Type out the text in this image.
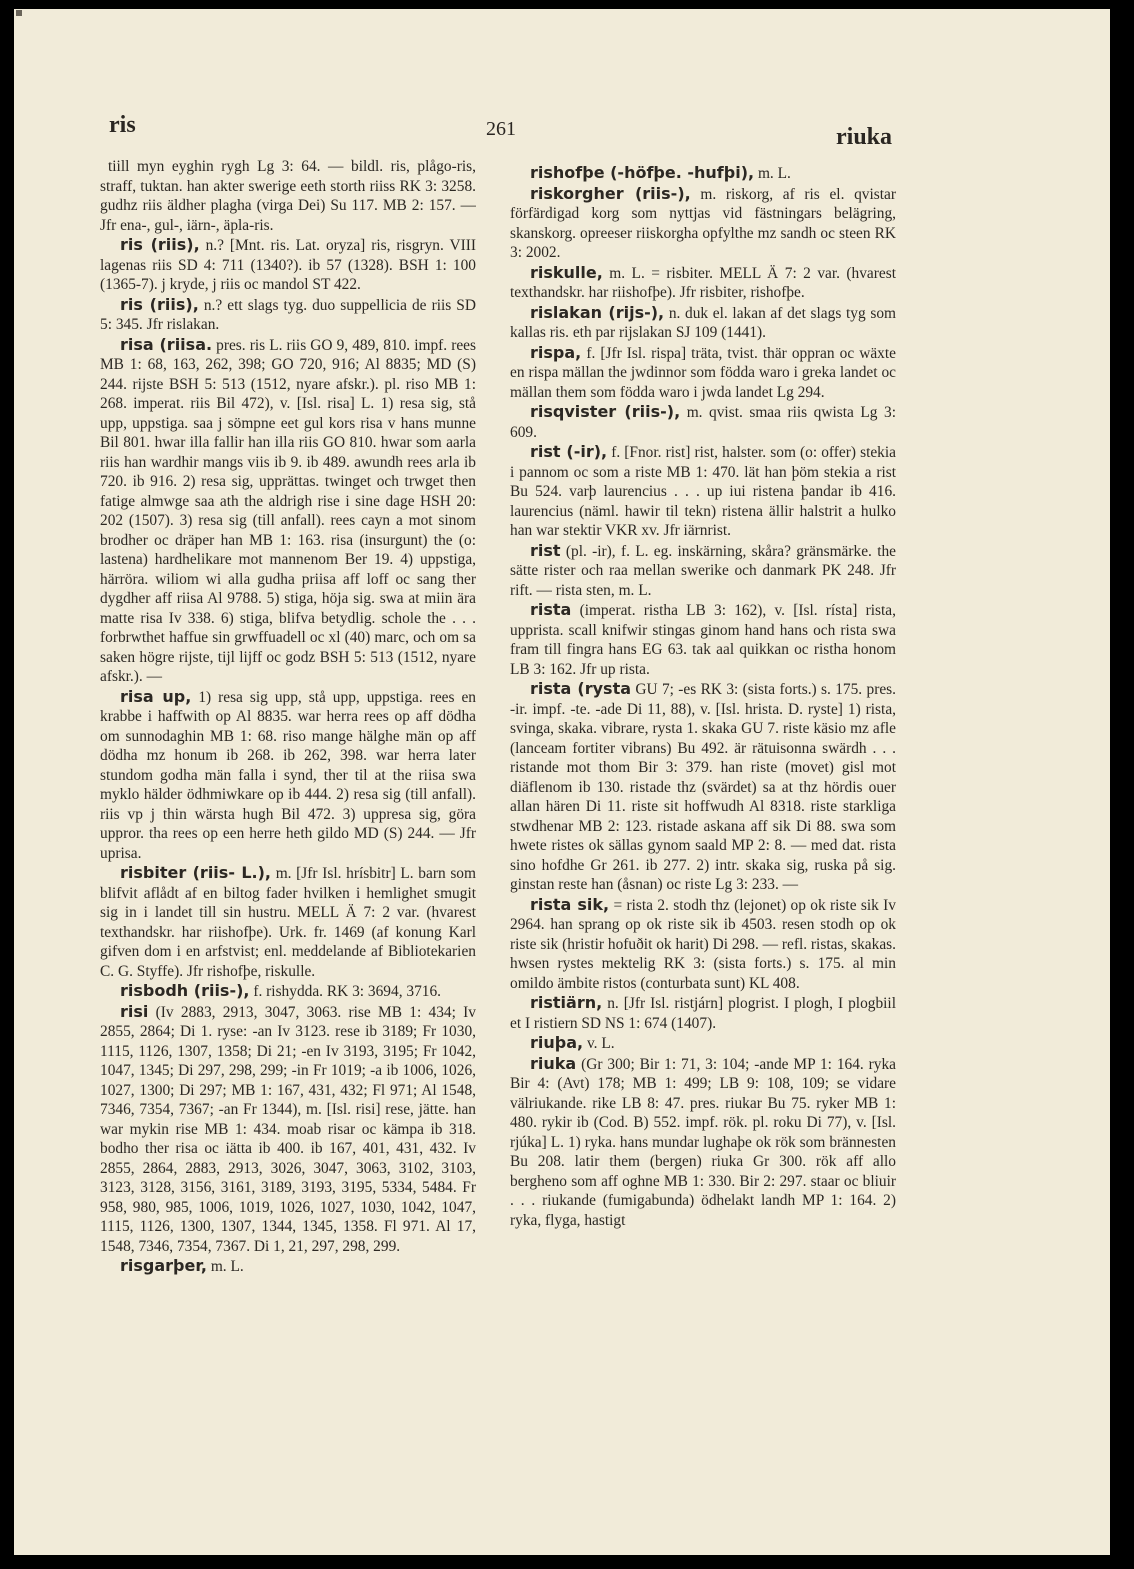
ris	261	riuka
tiill myn eyghin rygh Lg 3: 64. — bildl. ris, plågo-ris, straff, tuktan. han akter swerige eeth storth riiss RK 3: 3258. gudhz riis äldher plagha (virga Dei) Su 117. MB 2: 157. — Jfr ena-, gul-, iärn-, äpla-ris.
ris (riis), n.? [Mnt. ris. Lat. oryza] ris, risgryn. VIII lagenas riis SD 4: 711 (1340?). ib 57 (1328). BSH 1: 100 (1365-7). j kryde, j riis oc mandol ST 422.
ris (riis), n.? ett slags tyg. duo suppellicia de riis SD 5: 345. Jfr rislakan.
risa (riisa. pres. ris L. riis GO 9, 489, 810. impf. rees MB 1: 68, 163, 262, 398; GO 720, 916; Al 8835; MD (S) 244. rijste BSH 5: 513 (1512, nyare afskr.). pl. riso MB 1: 268. imperat. riis Bil 472), v. [Isl. risa] L. 1) resa sig, stå upp, uppstiga. saa j sömpne eet gul kors risa v hans munne Bil 801. hwar illa fallir han illa riis GO 810. hwar som aarla riis han wardhir mangs viis ib 9. ib 489. awundh rees arla ib 720. ib 916. 2) resa sig, upprättas. twinget och trwget then fatige almwge saa ath the aldrigh rise i sine dage HSH 20: 202 (1507). 3) resa sig (till anfall). rees cayn a mot sinom brodher oc dräper han MB 1: 163. risa (insurgunt) the (o: lastena) hardhelikare mot mannenom Ber 19. 4) uppstiga, härröra. wiliom wi alla gudha priisa aff loff oc sang ther dygdher aff riisa Al 9788. 5) stiga, höja sig. swa at miin ära matte risa Iv 338. 6) stiga, blifva betydlig. schole the . . . forbrwthet haffue sin grwffuadell oc xl (40) marc, och om sa saken högre rijste, tijl lijff oc godz BSH 5: 513 (1512, nyare afskr.). —
risa up, 1) resa sig upp, stå upp, uppstiga. rees en krabbe i haffwith op Al 8835. war herra rees op aff dödha om sunnodaghin MB 1: 68. riso mange hälghe män op aff dödha mz honum ib 268. ib 262, 398. war herra later stundom godha män falla i synd, ther til at the riisa swa myklo hälder ödhmiwkare op ib 444. 2) resa sig (till anfall). riis vp j thin wärsta hugh Bil 472. 3) uppresa sig, göra uppror. tha rees op een herre heth gildo MD (S) 244. — Jfr uprisa.
risbiter (riis- L.), m. [Jfr Isl. hrísbitr] L. barn som blifvit aflådt af en biltog fader hvilken i hemlighet smugit sig in i landet till sin hustru. MELL Ä 7: 2 var. (hvarest texthandskr. har riishofþe). Urk. fr. 1469 (af konung Karl gifven dom i en arfstvist; enl. meddelande af Bibliotekarien C. G. Styffe). Jfr rishofþe, riskulle.
risbodh (riis-), f. rishydda. RK 3: 3694, 3716.
risi (Iv 2883, 2913, 3047, 3063. rise MB 1: 434; Iv 2855, 2864; Di 1. ryse: -an Iv 3123. rese ib 3189; Fr 1030, 1115, 1126, 1307, 1358; Di 21; -en Iv 3193, 3195; Fr 1042, 1047, 1345; Di 297, 298, 299; -in Fr 1019; -a ib 1006, 1026, 1027, 1300; Di 297; MB 1: 167, 431, 432; Fl 971; Al 1548, 7346, 7354, 7367; -an Fr 1344), m. [Isl. risi] rese, jätte. han war mykin rise MB 1: 434. moab risar oc kämpa ib 318. bodho ther risa oc iätta ib 400. ib 167, 401, 431, 432. Iv 2855, 2864, 2883, 2913, 3026, 3047, 3063, 3102, 3103, 3123, 3128, 3156, 3161, 3189, 3193, 3195, 5334, 5484. Fr 958, 980, 985, 1006, 1019, 1026, 1027, 1030, 1042, 1047, 1115, 1126, 1300, 1307, 1344, 1345, 1358. Fl 971. Al 17, 1548, 7346, 7354, 7367. Di 1, 21, 297, 298, 299.
risgarþer, m. L.
rishofþe (-höfþe. -hufþi), m. L.
riskorgher (riis-), m. riskorg, af ris el. qvistar förfärdigad korg som nyttjas vid fästningars belägring, skanskorg. opreeser riiskorgha opfylthe mz sandh oc steen RK 3: 2002.
riskulle, m. L. = risbiter. MELL Ä 7: 2 var. (hvarest texthandskr. har riishofþe). Jfr risbiter, rishofþe.
rislakan (rijs-), n. duk el. lakan af det slags tyg som kallas ris. eth par rijslakan SJ 109 (1441).
rispa, f. [Jfr Isl. rispa] träta, tvist. thär oppran oc wäxte en rispa mällan the jwdinnor som födda waro i greka landet oc mällan them som födda waro i jwda landet Lg 294.
risqvister (riis-), m. qvist. smaa riis qwista Lg 3: 609.
rist (-ir), f. [Fnor. rist] rist, halster. som (o: offer) stekia i pannom oc som a riste MB 1: 470. lät han þöm stekia a rist Bu 524. varþ laurencius . . . up iui ristena þandar ib 416. laurencius (näml. hawir til tekn) ristena ällir halstrit a hulko han war stektir VKR xv. Jfr iärnrist.
rist (pl. -ir), f. L. eg. inskärning, skåra? gränsmärke. the sätte rister och raa mellan swerike och danmark PK 248. Jfr rift. — rista sten, m. L.
rista (imperat. ristha LB 3: 162), v. [Isl. rísta] rista, uppristа. scall knifwir stingas ginom hand hans och rista swa fram till fingra hans EG 63. tak aal quikkan oc ristha honom LB 3: 162. Jfr up rista.
rista (rysta GU 7; -es RK 3: (sista forts.) s. 175. pres. -ir. impf. -te. -ade Di 11, 88), v. [Isl. hrista. D. ryste] 1) rista, svinga, skaka. vibrare, rysta 1. skaka GU 7. riste käsio mz afle (lanceam fortiter vibrans) Bu 492. är rätuisonna swärdh . . . ristande mot thom Bir 3: 379. han riste (movet) gisl mot diäflenom ib 130. ristade thz (svärdet) sa at thz hördis ouer allan hären Di 11. riste sit hoffwudh Al 8318. riste starkliga stwdhenar MB 2: 123. ristade askana aff sik Di 88. swa som hwete ristes ok sällas gynom saald MP 2: 8. — med dat. rista sino hofdhe Gr 261. ib 277. 2) intr. skaka sig, ruska på sig. ginstan reste han (åsnan) oc riste Lg 3: 233. —
rista sik, = rista 2. stodh thz (lejonet) op ok riste sik Iv 2964. han sprang op ok riste sik ib 4503. resen stodh op ok riste sik (hristir hofuðit ok harit) Di 298. — refl. ristas, skakas. hwsen rystes mektelig RK 3: (sista forts.) s. 175. al min omildo ämbite ristos (conturbata sunt) KL 408.
ristiärn, n. [Jfr Isl. ristjárn] plogrist. I plogh, I plogbiil et I ristiern SD NS 1: 674 (1407).
riuþa, v. L.
riuka (Gr 300; Bir 1: 71, 3: 104; -ande MP 1: 164. ryka Bir 4: (Avt) 178; MB 1: 499; LB 9: 108, 109; se vidare välriukande. rike LB 8: 47. pres. riukar Bu 75. ryker MB 1: 480. rykir ib (Cod. B) 552. impf. rök. pl. roku Di 77), v. [Isl. rjúka] L. 1) ryka. hans mundar lughaþe ok rök som brännesten Bu 208. latir them (bergen) riuka Gr 300. rök aff allo bergheno som aff oghne MB 1: 330. Bir 2: 297. staar oc bliuir . . . riukande (fumigabunda) ödhelakt landh MP 1: 164. 2) ryka, flyga, hastigt
